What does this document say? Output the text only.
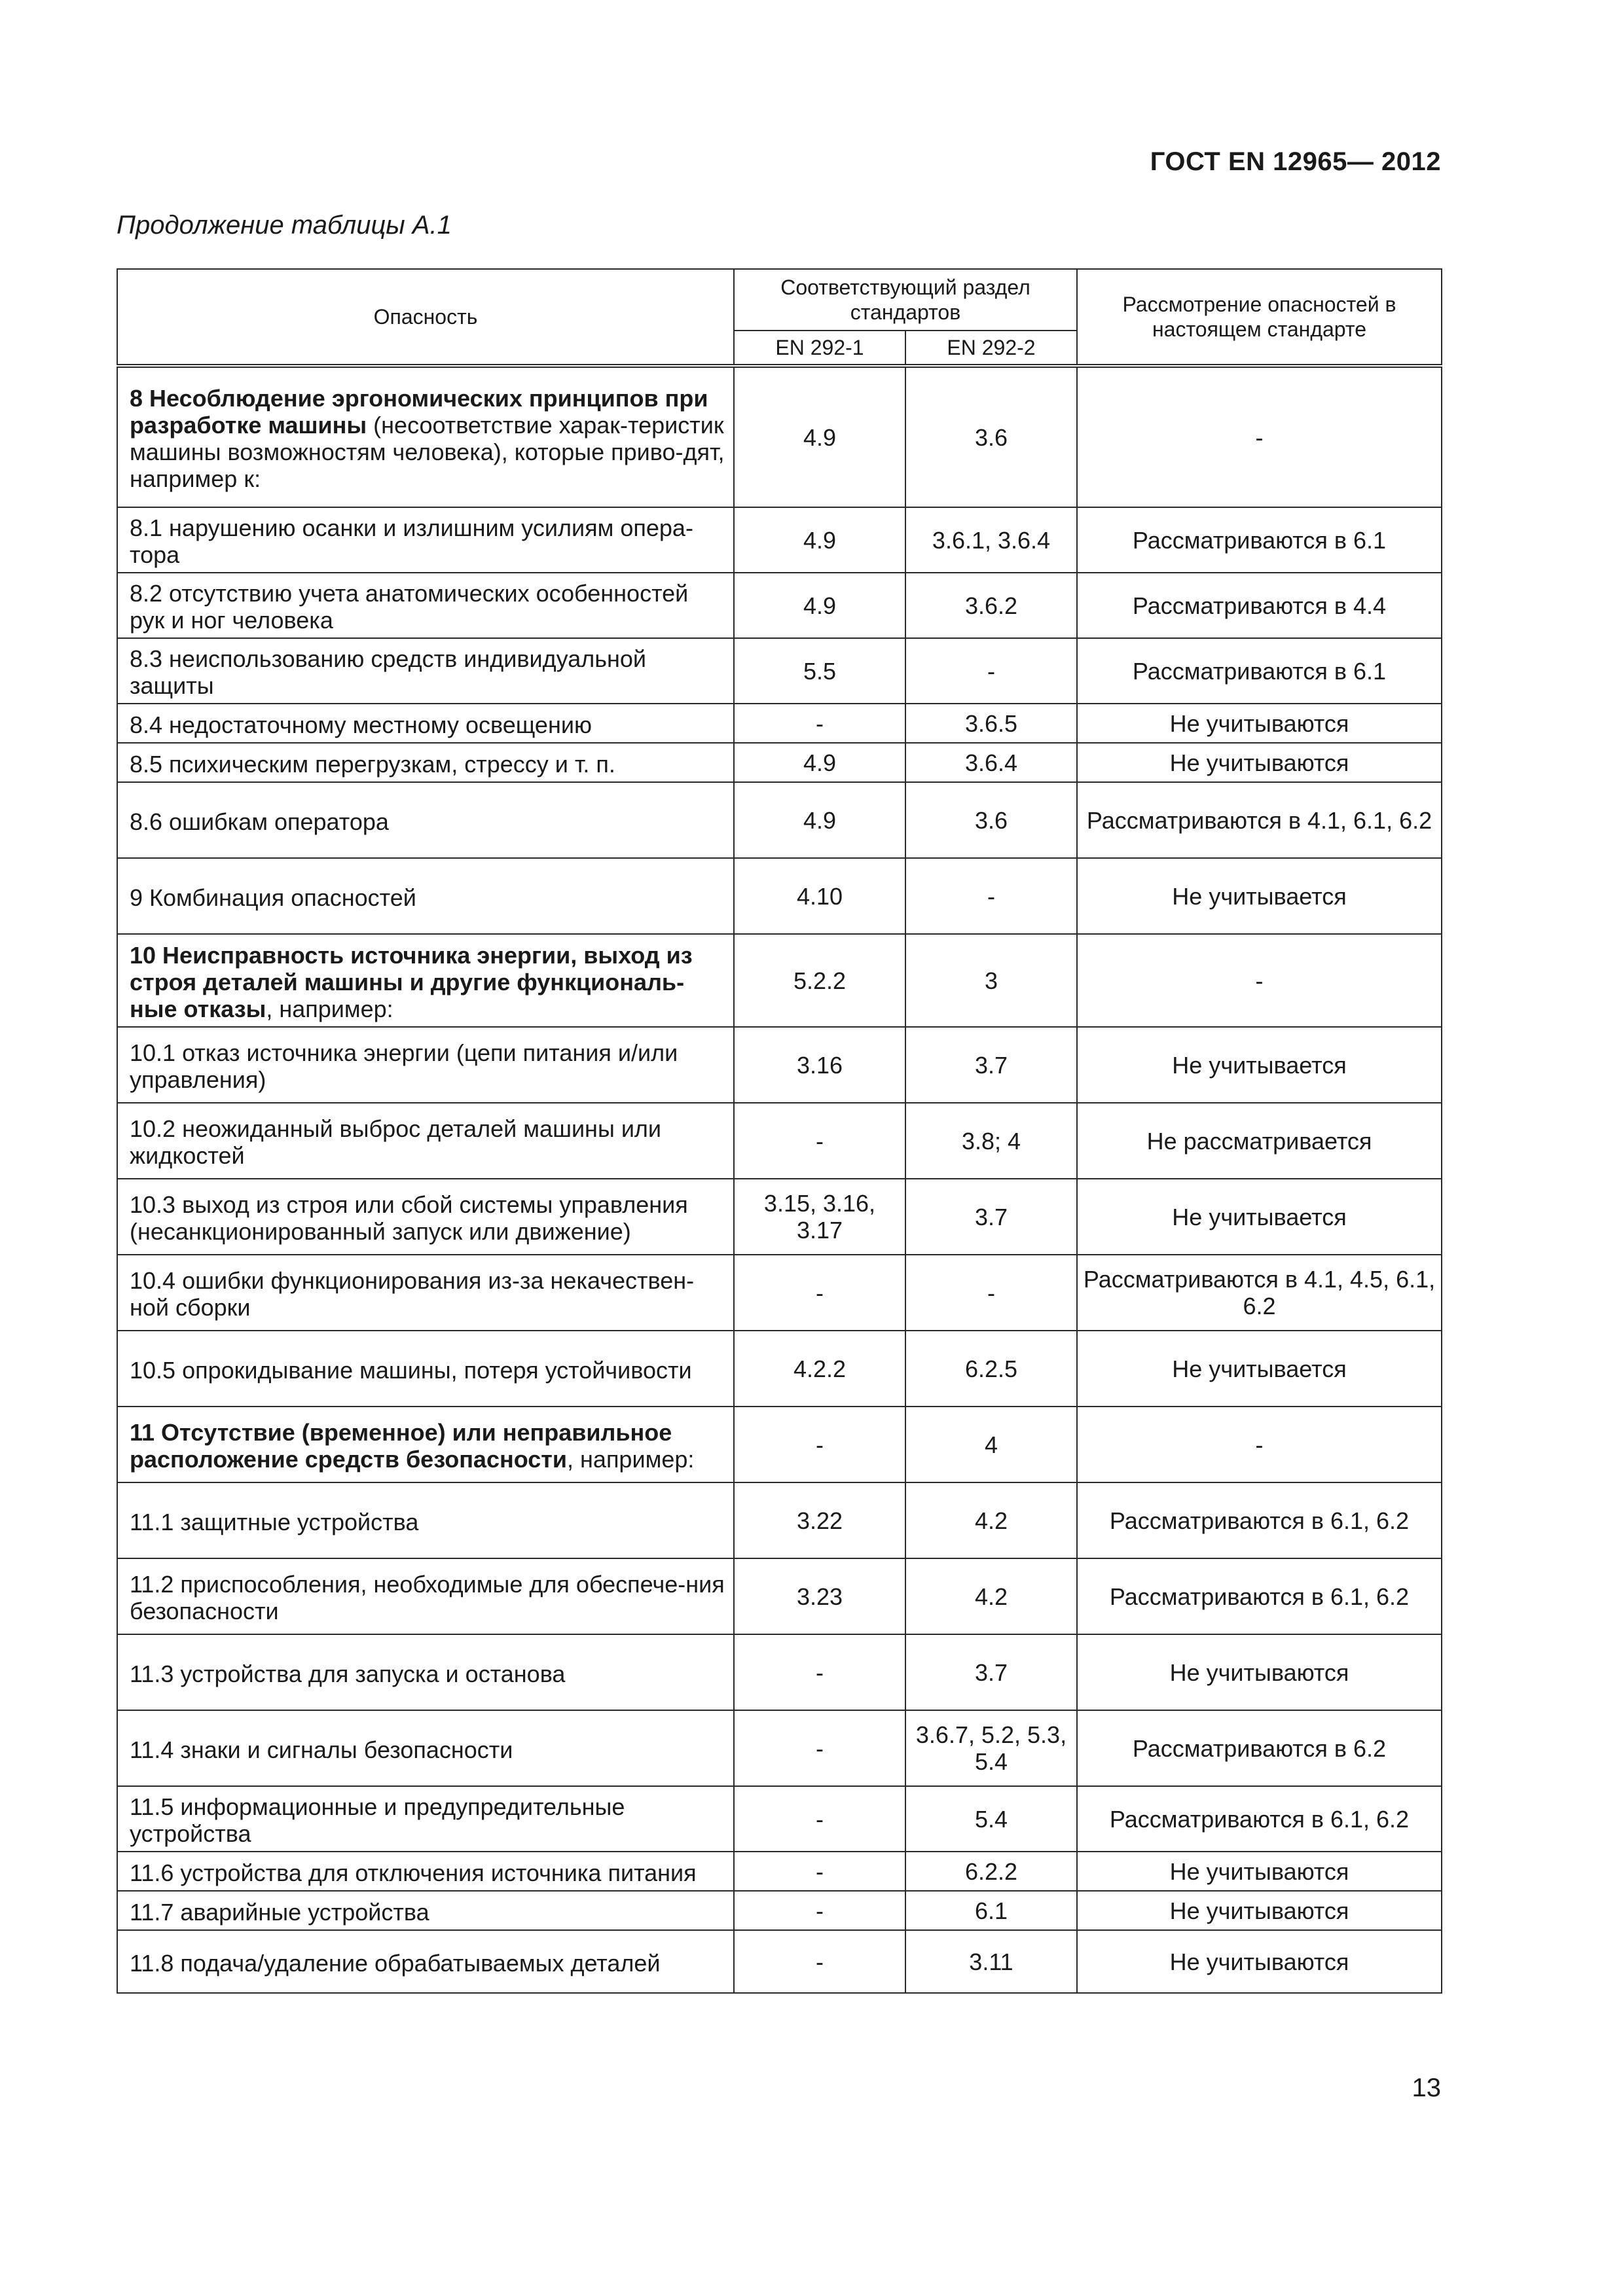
ГОСТ EN 12965— 2012
Продолжение таблицы А.1
Опасность	Соответствующий раздел стандартов		Рассмотрение опасностей в настоящем стандарте
	EN 292-1	EN 292-2	
8 Несоблюдение эргономических принципов при разработке машины (несоответствие харак-теристик машины возможностям человека), которые приво-дят, например к:	4.9	3.6	-
8.1 нарушению осанки и излишним усилиям опера-тора	4.9	3.6.1, 3.6.4	Рассматриваются в 6.1
8.2 отсутствию учета анатомических особенностей рук и ног человека	4.9	3.6.2	Рассматриваются в 4.4
8.3 неиспользованию средств индивидуальной защиты	5.5	-	Рассматриваются в 6.1
8.4 недостаточному местному освещению	-	3.6.5	Не учитываются
8.5 психическим перегрузкам, стрессу и т. п.	4.9	3.6.4	Не учитываются
8.6 ошибкам оператора	4.9	3.6	Рассматриваются в 4.1, 6.1, 6.2
9 Комбинация опасностей	4.10	-	Не учитывается
10 Неисправность источника энергии, выход из строя деталей машины и другие функциональ-ные отказы, например:	5.2.2	3	-
10.1 отказ источника энергии (цепи питания и/или управления)	3.16	3.7	Не учитывается
10.2 неожиданный выброс деталей машины или жидкостей	-	3.8; 4	Не рассматривается
10.3 выход из строя или сбой системы управления (несанкционированный запуск или движение)	3.15, 3.16, 3.17	3.7	Не учитывается
10.4 ошибки функционирования из-за некачествен-ной сборки	-	-	Рассматриваются в 4.1, 4.5, 6.1, 6.2
10.5 опрокидывание машины, потеря устойчивости	4.2.2	6.2.5	Не учитывается
11 Отсутствие (временное) или неправильное расположение средств безопасности, например:	-	4	-
11.1 защитные устройства	3.22	4.2	Рассматриваются в 6.1, 6.2
11.2 приспособления, необходимые для обеспече-ния безопасности	3.23	4.2	Рассматриваются в 6.1, 6.2
11.3 устройства для запуска и останова	-	3.7	Не учитываются
11.4 знаки и сигналы безопасности	-	3.6.7, 5.2, 5.3, 5.4	Рассматриваются в 6.2
11.5 информационные и предупредительные устройства	-	5.4	Рассматриваются в 6.1, 6.2
11.6 устройства для отключения источника питания	-	6.2.2	Не учитываются
11.7 аварийные устройства	-	6.1	Не учитываются
11.8 подача/удаление обрабатываемых деталей	-	3.11	Не учитываются
13
